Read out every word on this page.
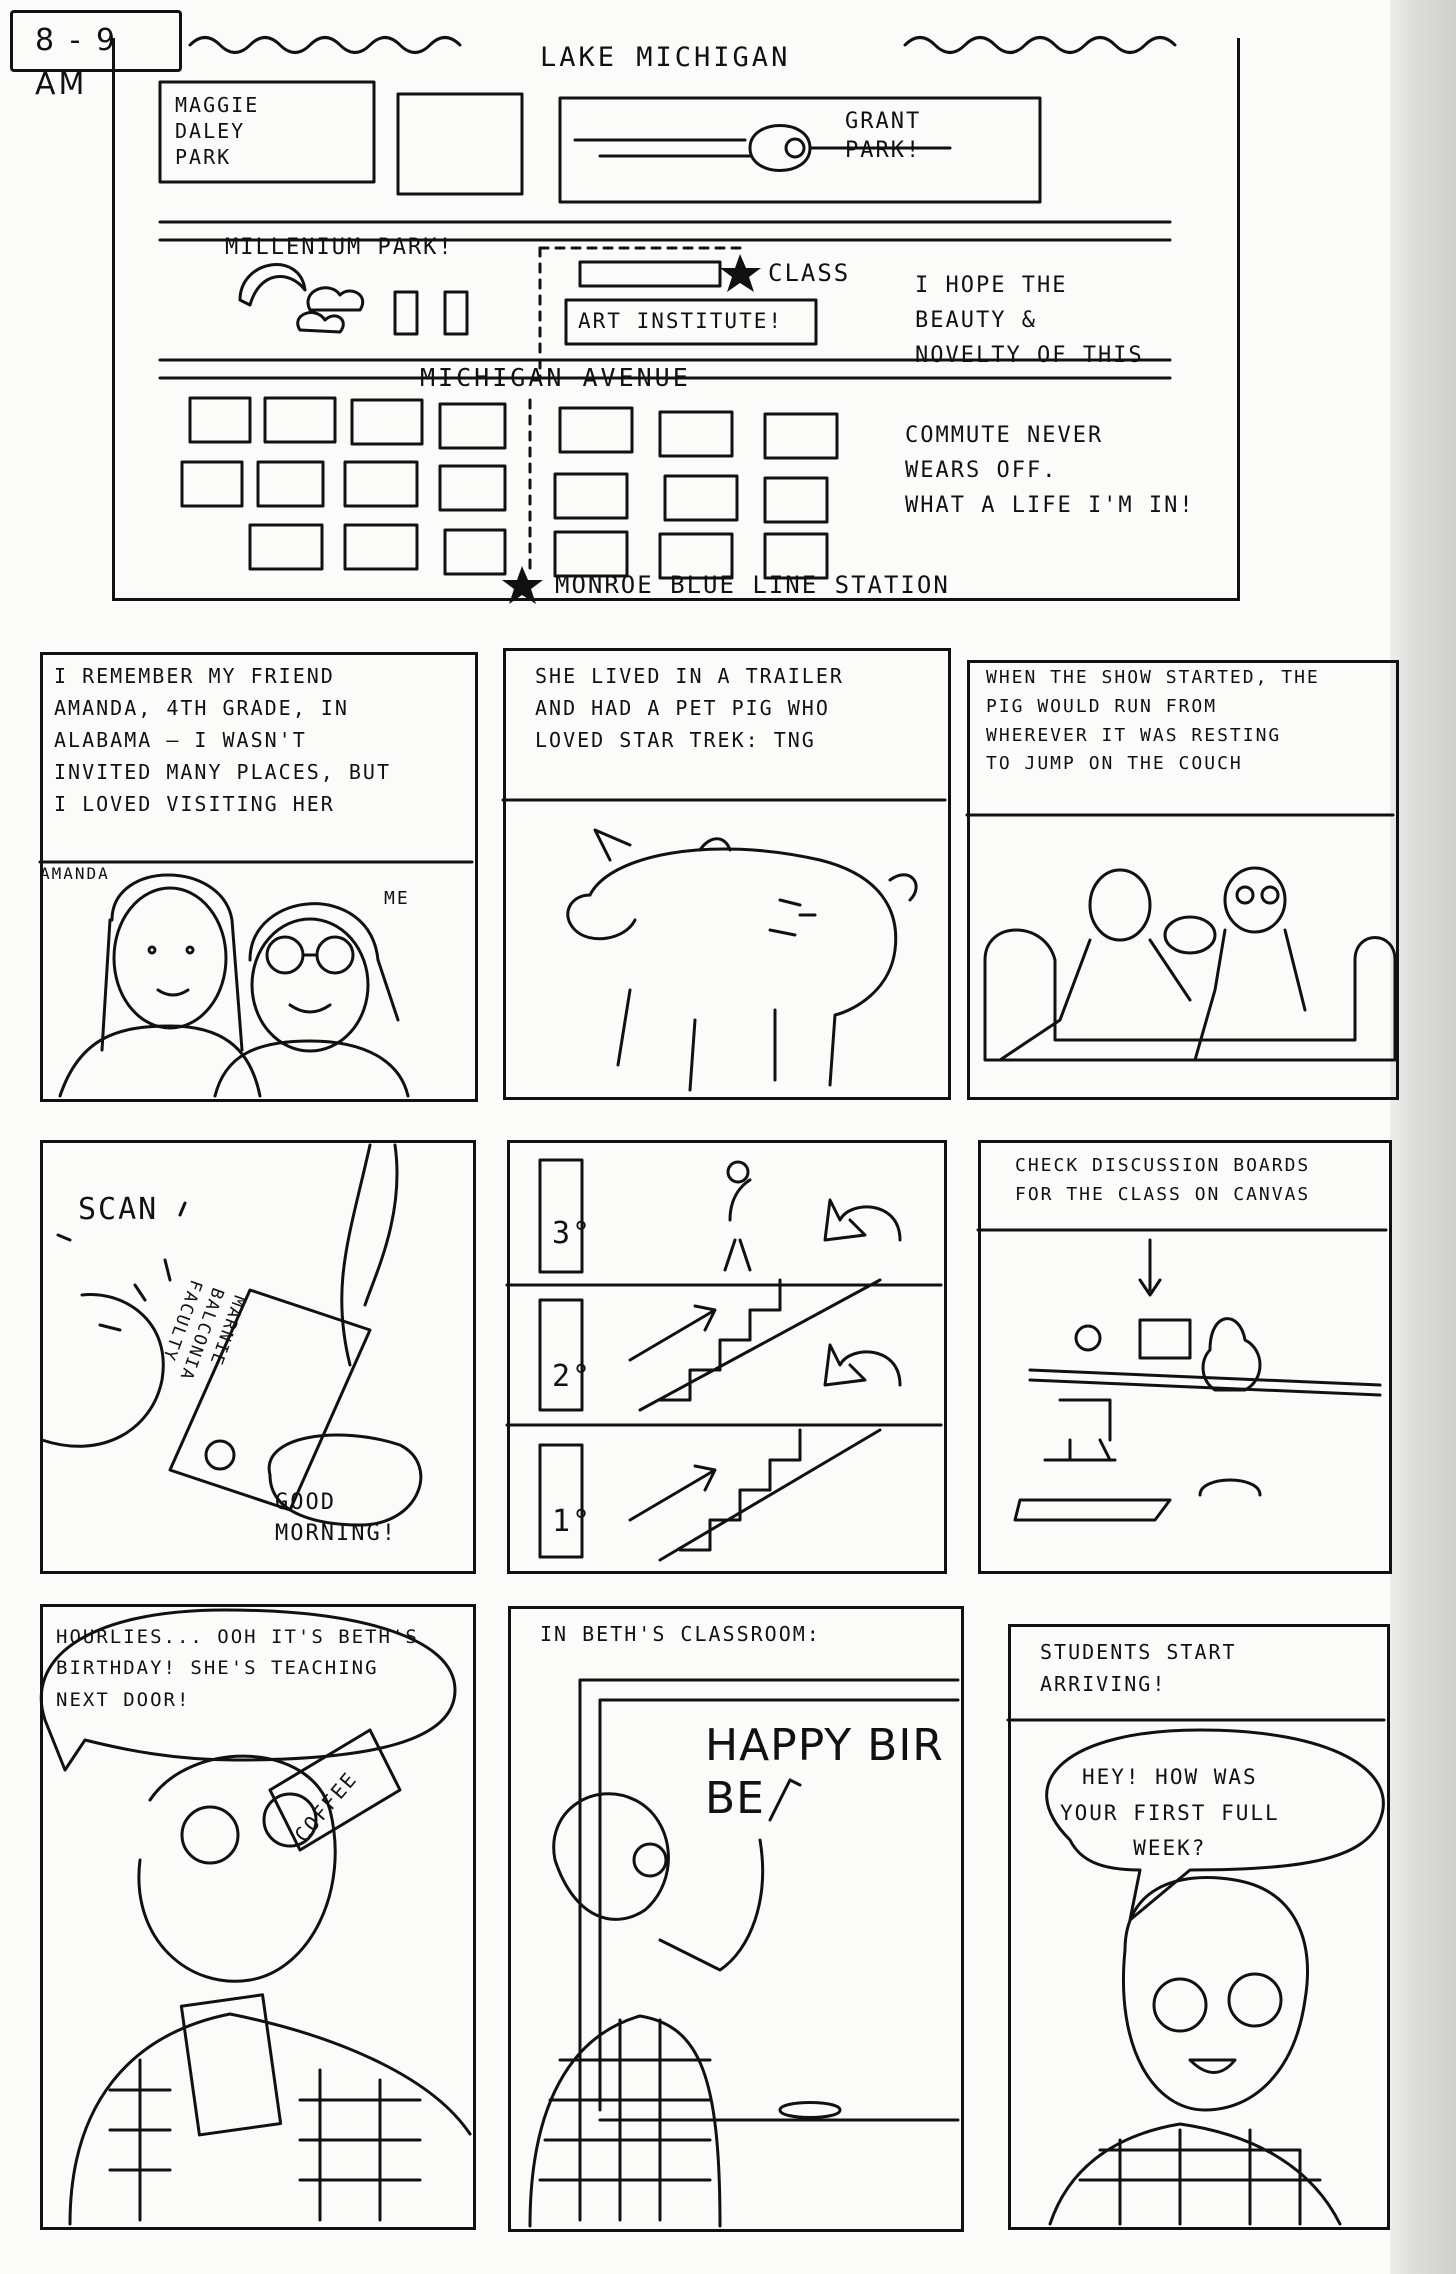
8 - 9 AM
LAKE MICHIGAN
MAGGIE
DALEY
PARK
GRANT
PARK!
MILLENIUM PARK!
CLASS
ART INSTITUTE!
MICHIGAN AVENUE
MONROE BLUE LINE STATION
I HOPE THE
BEAUTY &
NOVELTY OF THIS
COMMUTE NEVER
WEARS OFF.
WHAT A LIFE I'M IN!
I REMEMBER MY FRIEND
AMANDA, 4TH GRADE, IN
ALABAMA — I WASN'T
INVITED MANY PLACES, BUT
I LOVED VISITING HER
AMANDA
ME
SHE LIVED IN A TRAILER
AND HAD A PET PIG WHO
LOVED STAR TREK: TNG
WHEN THE SHOW STARTED, THE
PIG WOULD RUN FROM
WHEREVER IT WAS RESTING
TO JUMP ON THE COUCH
SCAN
MARNIE
BALCONIA
FACULTY
GOOD
MORNING!
3°
2°
1°
CHECK DISCUSSION BOARDS
FOR THE CLASS ON CANVAS
HOURLIES... OOH IT'S BETH'S
BIRTHDAY! SHE'S TEACHING
NEXT DOOR!
COFFEE
IN BETH'S CLASSROOM:
HAPPY BIR
BE
STUDENTS START
ARRIVING!
HEY! HOW WAS
YOUR FIRST FULL
WEEK?
